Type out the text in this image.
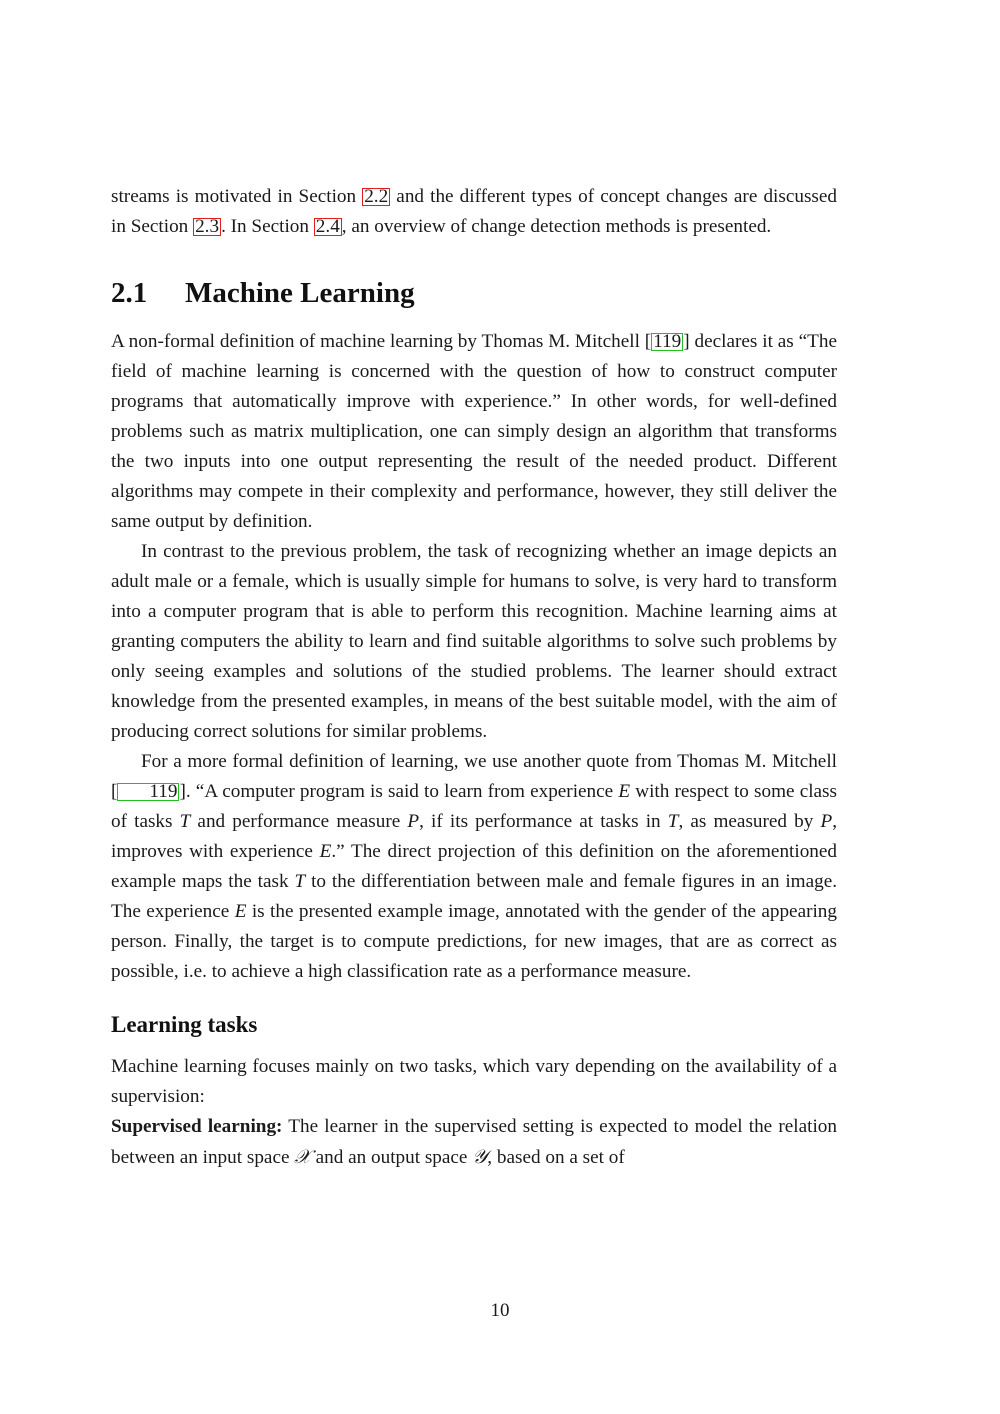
streams is motivated in Section 2.2 and the different types of concept changes are discussed in Section 2.3 . In Section 2.4 , an overview of change detection methods is presented.

2.1 Machine Learning

A non-formal definition of machine learning by Thomas M. Mitchell [ 119 ] declares it as “The field of machine learning is concerned with the question of how to construct computer programs that automatically improve with experience.” In other words, for well-defined problems such as matrix multiplication, one can simply design an algorithm that transforms the two inputs into one output representing the result of the needed product. Different algorithms may compete in their complexity and performance, however, they still deliver the same output by definition.

In contrast to the previous problem, the task of recognizing whether an image depicts an adult male or a female, which is usually simple for humans to solve, is very hard to transform into a computer program that is able to perform this recognition. Machine learning aims at granting computers the ability to learn and find suitable algorithms to solve such problems by only seeing examples and solutions of the studied problems. The learner should extract knowledge from the presented examples, in means of the best suitable model, with the aim of producing correct solutions for similar problems.

For a more formal definition of learning, we use another quote from Thomas M. Mitchell [ 119 ]. “A computer program is said to learn from experience E with respect to some class of tasks T and performance measure P, if its performance at tasks in T, as measured by P, improves with experience E.” The direct projection of this definition on the aforementioned example maps the task T to the differentiation between male and female figures in an image. The experience E is the presented example image, annotated with the gender of the appearing person. Finally, the target is to compute predictions, for new images, that are as correct as possible, i.e. to achieve a high classification rate as a performance measure.

Learning tasks

Machine learning focuses mainly on two tasks, which vary depending on the availability of a supervision:

Supervised learning: The learner in the supervised setting is expected to model the relation between an input space 𝒳 and an output space 𝒴, based on a set of

10
